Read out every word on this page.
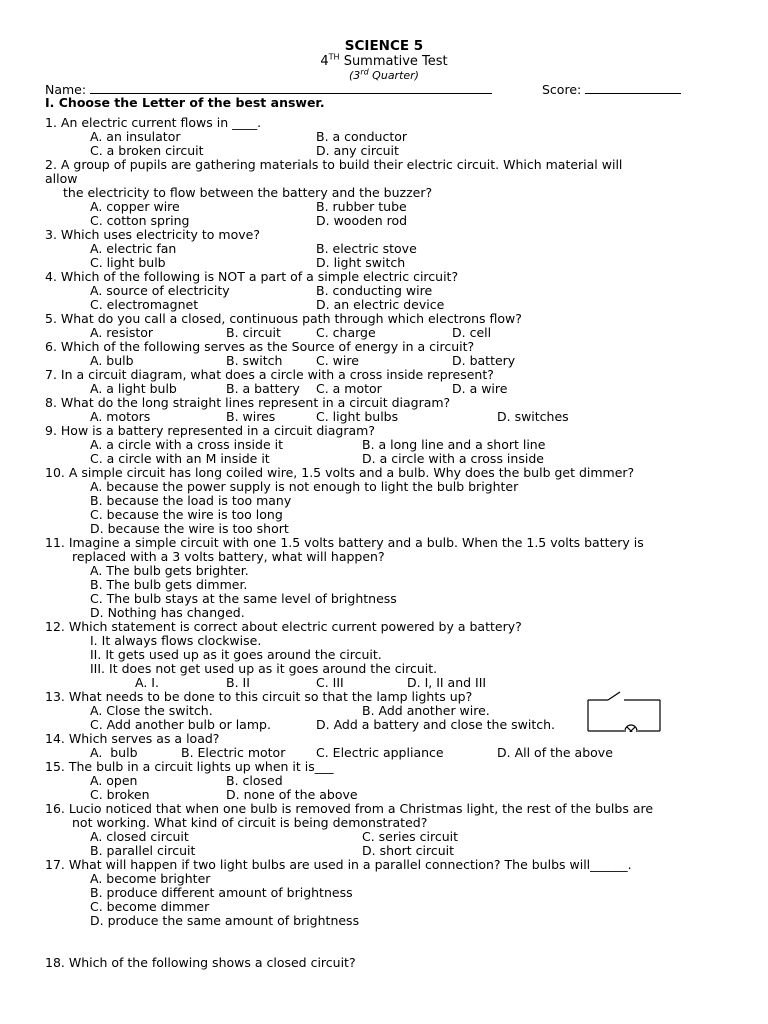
SCIENCE 5
4TH Summative Test
(3rd Quarter)
Name:	Score:
I. Choose the Letter of the best answer.
1. An electric current flows in ____.
A. an insulator	B. a conductor
C. a broken circuit	D. any circuit
2. A group of pupils are gathering materials to build their electric circuit. Which material will
allow
the electricity to flow between the battery and the buzzer?
A. copper wire	B. rubber tube
C. cotton spring	D. wooden rod
3. Which uses electricity to move?
A. electric fan	B. electric stove
C. light bulb	D. light switch
4. Which of the following is NOT a part of a simple electric circuit?
A. source of electricity	B. conducting wire
C. electromagnet	D. an electric device
5. What do you call a closed, continuous path through which electrons flow?
A. resistor	B. circuit	C. charge	D. cell
6. Which of the following serves as the Source of energy in a circuit?
A. bulb	B. switch	C. wire	D. battery
7. In a circuit diagram, what does a circle with a cross inside represent?
A. a light bulb	B. a battery C. a motor	D. a wire
8. What do the long straight lines represent in a circuit diagram?
A. motors	B. wires	C. light bulbs	D. switches
9. How is a battery represented in a circuit diagram?
A. a circle with a cross inside it	B. a long line and a short line
C. a circle with an M inside it	D. a circle with a cross inside
10. A simple circuit has long coiled wire, 1.5 volts and a bulb. Why does the bulb get dimmer?
A. because the power supply is not enough to light the bulb brighter
B. because the load is too many
C. because the wire is too long
D. because the wire is too short
11. Imagine a simple circuit with one 1.5 volts battery and a bulb. When the 1.5 volts battery is
replaced with a 3 volts battery, what will happen?
A. The bulb gets brighter.
B. The bulb gets dimmer.
C. The bulb stays at the same level of brightness
D. Nothing has changed.
12. Which statement is correct about electric current powered by a battery?
I. It always flows clockwise.
II. It gets used up as it goes around the circuit.
III. It does not get used up as it goes around the circuit.
A. I.	B. II	C. III	D. I, II and III
13. What needs to be done to this circuit so that the lamp lights up?
A. Close the switch.	B. Add another wire.
C. Add another bulb or lamp.	D. Add a battery and close the switch.
14. Which serves as a load?
A.  bulb	B. Electric motor C. Electric appliance	D. All of the above
15. The bulb in a circuit lights up when it is___
A. open	B. closed
C. broken	D. none of the above
16. Lucio noticed that when one bulb is removed from a Christmas light, the rest of the bulbs are
not working. What kind of circuit is being demonstrated?
A. closed circuit	C. series circuit
B. parallel circuit	D. short circuit
17. What will happen if two light bulbs are used in a parallel connection? The bulbs will______.
A. become brighter
B. produce different amount of brightness
C. become dimmer
D. produce the same amount of brightness
18. Which of the following shows a closed circuit?
